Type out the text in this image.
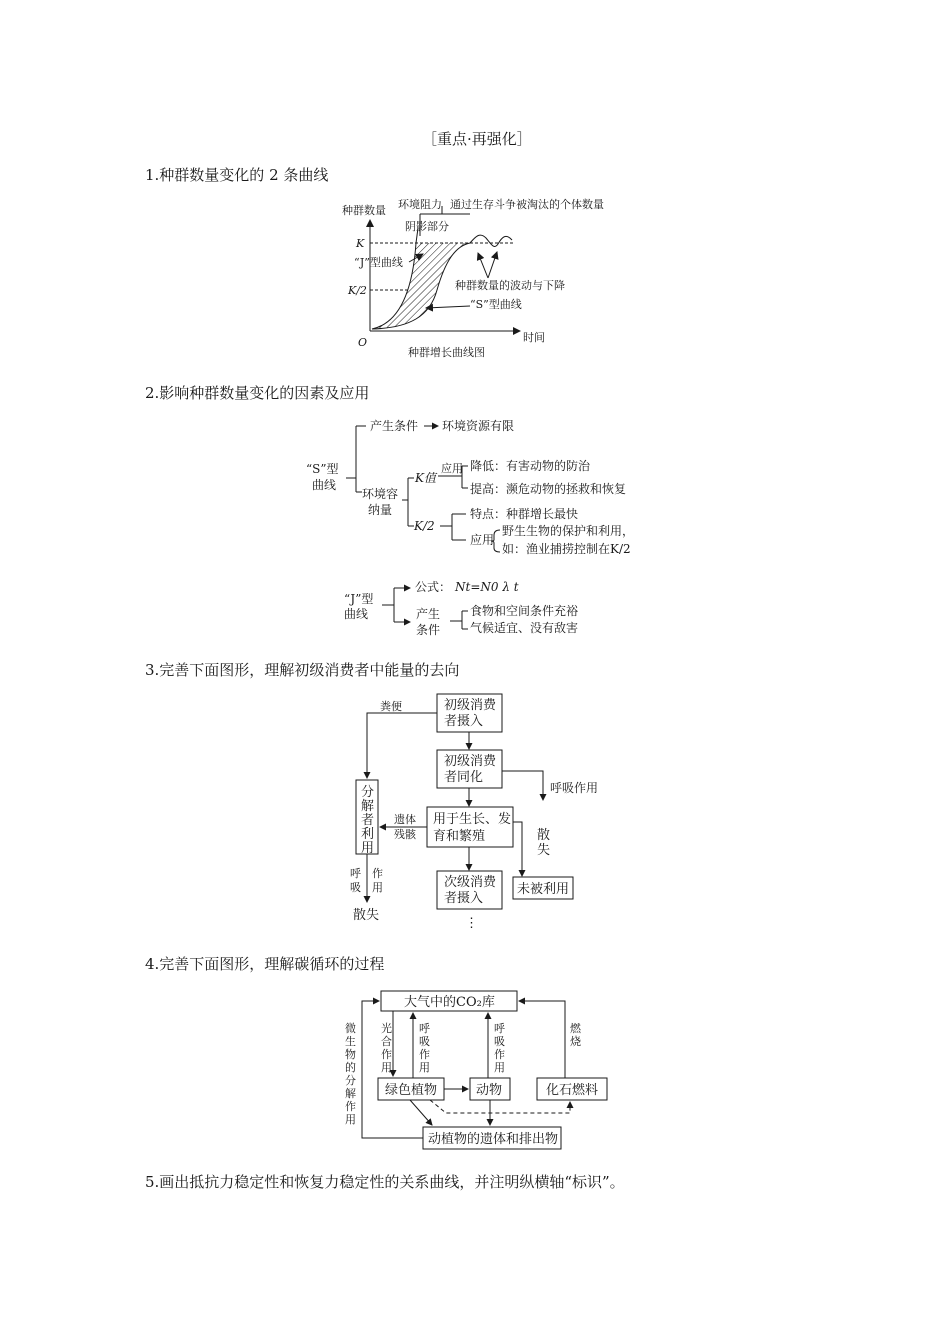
［重点·再强化］
1.种群数量变化的 2 条曲线
2.影响种群数量变化的因素及应用
3.完善下面图形，理解初级消费者中能量的去向
4.完善下面图形，理解碳循环的过程
5.画出抵抗力稳定性和恢复力稳定性的关系曲线，并注明纵横轴“标识”。
种群数量
时间
O
K
K/2
环境阻力 通过生存斗争被淘汰的个体数量
阴影部分
“J”型曲线
种群数量的波动与下降
“S”型曲线
种群增长曲线图
“S”型
曲线
产生条件 环境资源有限
环境容
纳量
K值
应用 降低：有害动物的防治
提高：濒危动物的拯救和恢复
K/2
特点：种群增长最快
应用
野生生物的保护和利用，
如：渔业捕捞控制在K/2
“J”型
曲线
公式： Nt=N0 λ t
产生
条件
食物和空间条件充裕
气候适宜、没有敌害
初级消费
者摄入
初级消费
者同化
用于生长、发
育和繁殖
次级消费
者摄入
未被利用
分
解
者
利
用
粪便
遗体
残骸
呼吸作用
散
失
呼
吸
作
用
散失
⋮
大气中的CO₂库
绿色植物	动物	化石燃料
动植物的遗体和排出物
光
合
作
用
呼
吸
作
用
呼
吸
作
用
燃
烧
微
生
物
的
分
解
作
用
